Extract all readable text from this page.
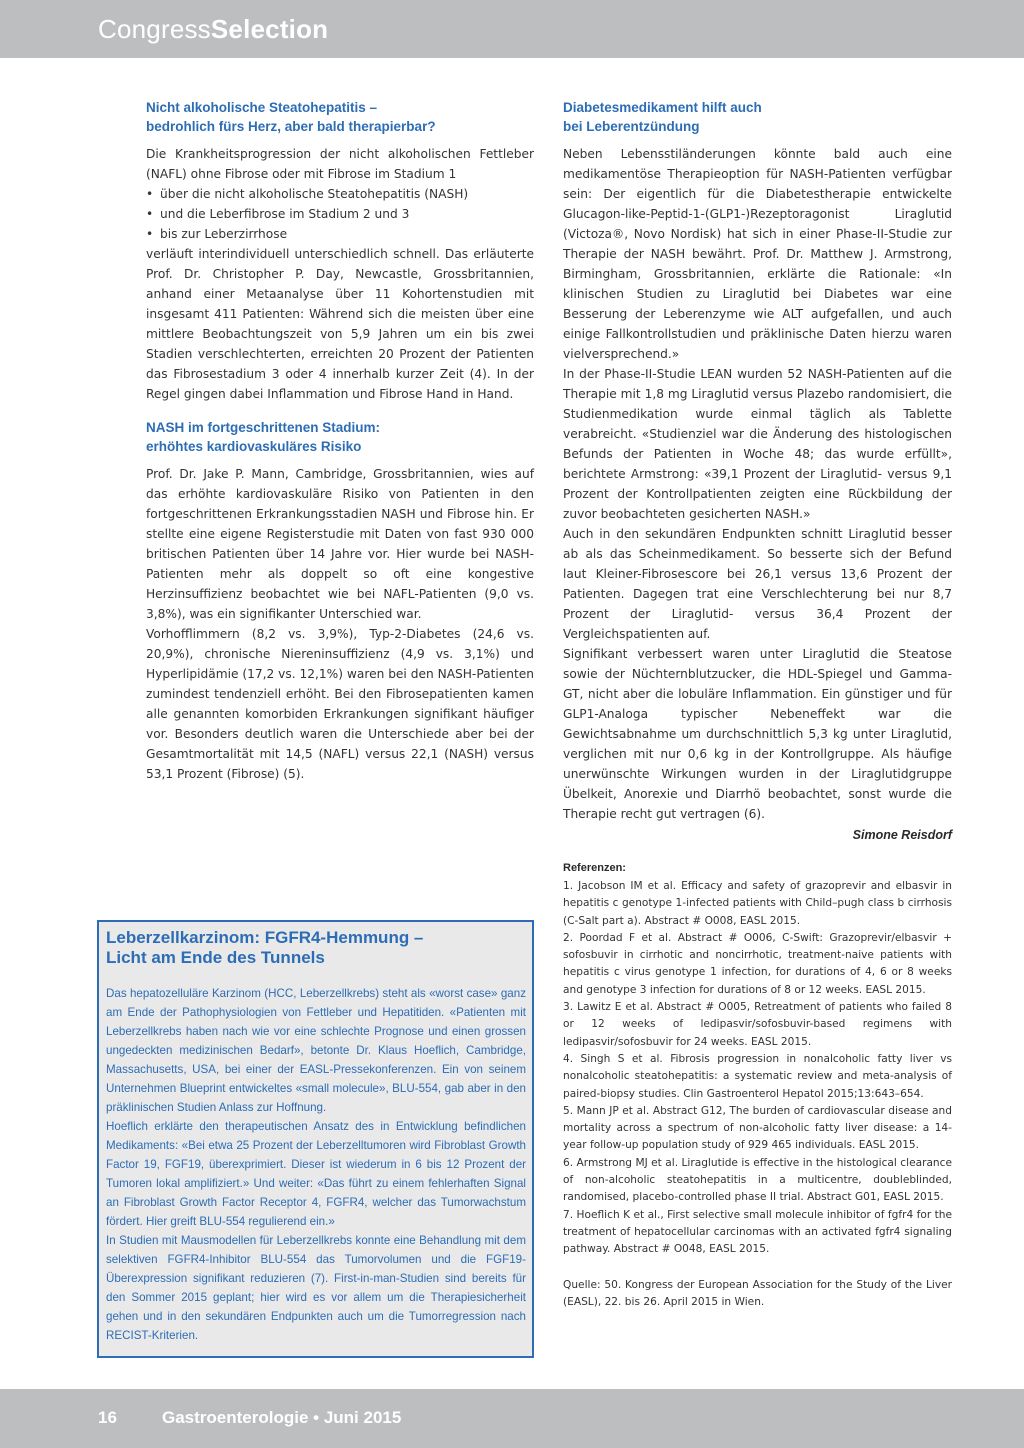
CongressSelection
Nicht alkoholische Steatohepatitis –
bedrohlich fürs Herz, aber bald therapierbar?

Die Krankheitsprogression der nicht alkoholischen Fettleber (NAFL) ohne Fibrose oder mit Fibrose im Stadium 1

• über die nicht alkoholische Steatohepatitis (NASH)
• und die Leberfibrose im Stadium 2 und 3
• bis zur Leberzirrhose

verläuft interindividuell unterschiedlich schnell. Das erläuterte Prof. Dr. Christopher P. Day, Newcastle, Grossbritannien, anhand einer Metaanalyse über 11 Kohortenstudien mit insgesamt 411 Patienten: Während sich die meisten über eine mittlere Beobachtungszeit von 5,9 Jahren um ein bis zwei Stadien verschlechterten, erreichten 20 Prozent der Patienten das Fibrosestadium 3 oder 4 innerhalb kurzer Zeit (4). In der Regel gingen dabei Inflammation und Fibrose Hand in Hand.

NASH im fortgeschrittenen Stadium:
erhöhtes kardiovaskuläres Risiko

Prof. Dr. Jake P. Mann, Cambridge, Grossbritannien, wies auf das erhöhte kardiovaskuläre Risiko von Patienten in den fortgeschrittenen Erkrankungsstadien NASH und Fibrose hin. Er stellte eine eigene Registerstudie mit Daten von fast 930 000 britischen Patienten über 14 Jahre vor. Hier wurde bei NASH-Patienten mehr als doppelt so oft eine kongestive Herzinsuffizienz beobachtet wie bei NAFL-Patienten (9,0 vs. 3,8%), was ein signifikanter Unterschied war.

Vorhofflimmern (8,2 vs. 3,9%), Typ-2-Diabetes (24,6 vs. 20,9%), chronische Niereninsuffizienz (4,9 vs. 3,1%) und Hyperlipidämie (17,2 vs. 12,1%) waren bei den NASH-Patienten zumindest tendenziell erhöht. Bei den Fibrosepatienten kamen alle genannten komorbiden Erkrankungen signifikant häufiger vor. Besonders deutlich waren die Unterschiede aber bei der Gesamtmortalität mit 14,5 (NAFL) versus 22,1 (NASH) versus 53,1 Prozent (Fibrose) (5).

Diabetesmedikament hilft auch
bei Leberentzündung

Neben Lebensstiländerungen könnte bald auch eine medikamentöse Therapieoption für NASH-Patienten verfügbar sein: Der eigentlich für die Diabetestherapie entwickelte Glucagon-like-Peptid-1-(GLP1-)Rezeptoragonist Liraglutid (Victoza®, Novo Nordisk) hat sich in einer Phase-II-Studie zur Therapie der NASH bewährt. Prof. Dr. Matthew J. Armstrong, Birmingham, Grossbritannien, erklärte die Rationale: «In klinischen Studien zu Liraglutid bei Diabetes war eine Besserung der Leberenzyme wie ALT aufgefallen, und auch einige Fallkontrollstudien und präklinische Daten hierzu waren vielversprechend.»

In der Phase-II-Studie LEAN wurden 52 NASH-Patienten auf die Therapie mit 1,8 mg Liraglutid versus Plazebo randomisiert, die Studienmedikation wurde einmal täglich als Tablette verabreicht. «Studienziel war die Änderung des histologischen Befunds der Patienten in Woche 48; das wurde erfüllt», berichtete Armstrong: «39,1 Prozent der Liraglutid- versus 9,1 Prozent der Kontrollpatienten zeigten eine Rückbildung der zuvor beobachteten gesicherten NASH.»

Auch in den sekundären Endpunkten schnitt Liraglutid besser ab als das Scheinmedikament. So besserte sich der Befund laut Kleiner-Fibrosescore bei 26,1 versus 13,6 Prozent der Patienten. Dagegen trat eine Verschlechterung bei nur 8,7 Prozent der Liraglutid- versus 36,4 Prozent der Vergleichspatienten auf.

Signifikant verbessert waren unter Liraglutid die Steatose sowie der Nüchternblutzucker, die HDL-Spiegel und Gamma-GT, nicht aber die lobuläre Inflammation. Ein günstiger und für GLP1-Analoga typischer Nebeneffekt war die Gewichtsabnahme um durchschnittlich 5,3 kg unter Liraglutid, verglichen mit nur 0,6 kg in der Kontrollgruppe. Als häufige unerwünschte Wirkungen wurden in der Liraglutidgruppe Übelkeit, Anorexie und Diarrhö beobachtet, sonst wurde die Therapie recht gut vertragen (6).

Simone Reisdorf
Leberzellkarzinom: FGFR4-Hemmung –
Licht am Ende des Tunnels

Das hepatozelluläre Karzinom (HCC, Leberzellkrebs) steht als «worst case» ganz am Ende der Pathophysiologien von Fettleber und Hepatitiden. «Patienten mit Leberzellkrebs haben nach wie vor eine schlechte Prognose und einen grossen ungedeckten medizinischen Bedarf», betonte Dr. Klaus Hoeflich, Cambridge, Massachusetts, USA, bei einer der EASL-Pressekonferenzen. Ein von seinem Unternehmen Blueprint entwickeltes «small molecule», BLU-554, gab aber in den präklinischen Studien Anlass zur Hoffnung.

Hoeflich erklärte den therapeutischen Ansatz des in Entwicklung befindlichen Medikaments: «Bei etwa 25 Prozent der Leberzelltumoren wird Fibroblast Growth Factor 19, FGF19, überexprimiert. Dieser ist wiederum in 6 bis 12 Prozent der Tumoren lokal amplifiziert.» Und weiter: «Das führt zu einem fehlerhaften Signal an Fibroblast Growth Factor Receptor 4, FGFR4, welcher das Tumorwachstum fördert. Hier greift BLU-554 regulierend ein.»

In Studien mit Mausmodellen für Leberzellkrebs konnte eine Behandlung mit dem selektiven FGFR4-Inhibitor BLU-554 das Tumorvolumen und die FGF19-Überexpression signifikant reduzieren (7). First-in-man-Studien sind bereits für den Sommer 2015 geplant; hier wird es vor allem um die Therapiesicherheit gehen und in den sekundären Endpunkten auch um die Tumorregression nach RECIST-Kriterien.

Referenzen:

1. Jacobson IM et al. Efficacy and safety of grazoprevir and elbasvir in hepatitis c genotype 1-infected patients with Child–pugh class b cirrhosis (C-Salt part a). Abstract # O008, EASL 2015.

2. Poordad F et al. Abstract # O006, C-Swift: Grazoprevir/elbasvir + sofosbuvir in cirrhotic and noncirrhotic, treatment-naive patients with hepatitis c virus genotype 1 infection, for durations of 4, 6 or 8 weeks and genotype 3 infection for durations of 8 or 12 weeks. EASL 2015.

3. Lawitz E et al. Abstract # O005, Retreatment of patients who failed 8 or 12 weeks of ledipasvir/sofosbuvir-based regimens with ledipasvir/sofosbuvir for 24 weeks. EASL 2015.

4. Singh S et al. Fibrosis progression in nonalcoholic fatty liver vs nonalcoholic steatohepatitis: a systematic review and meta-analysis of paired-biopsy studies. Clin Gastroenterol Hepatol 2015;13:643–654.

5. Mann JP et al. Abstract G12, The burden of cardiovascular disease and mortality across a spectrum of non-alcoholic fatty liver disease: a 14-year follow-up population study of 929 465 individuals. EASL 2015.

6. Armstrong MJ et al. Liraglutide is effective in the histological clearance of non-alcoholic steatohepatitis in a multicentre, doubleblinded, randomised, placebo-controlled phase II trial. Abstract G01, EASL 2015.

7. Hoeflich K et al., First selective small molecule inhibitor of fgfr4 for the treatment of hepatocellular carcinomas with an activated fgfr4 signaling pathway. Abstract # O048, EASL 2015.

Quelle: 50. Kongress der European Association for the Study of the Liver (EASL), 22. bis 26. April 2015 in Wien.

16	Gastroenterologie • Juni 2015
